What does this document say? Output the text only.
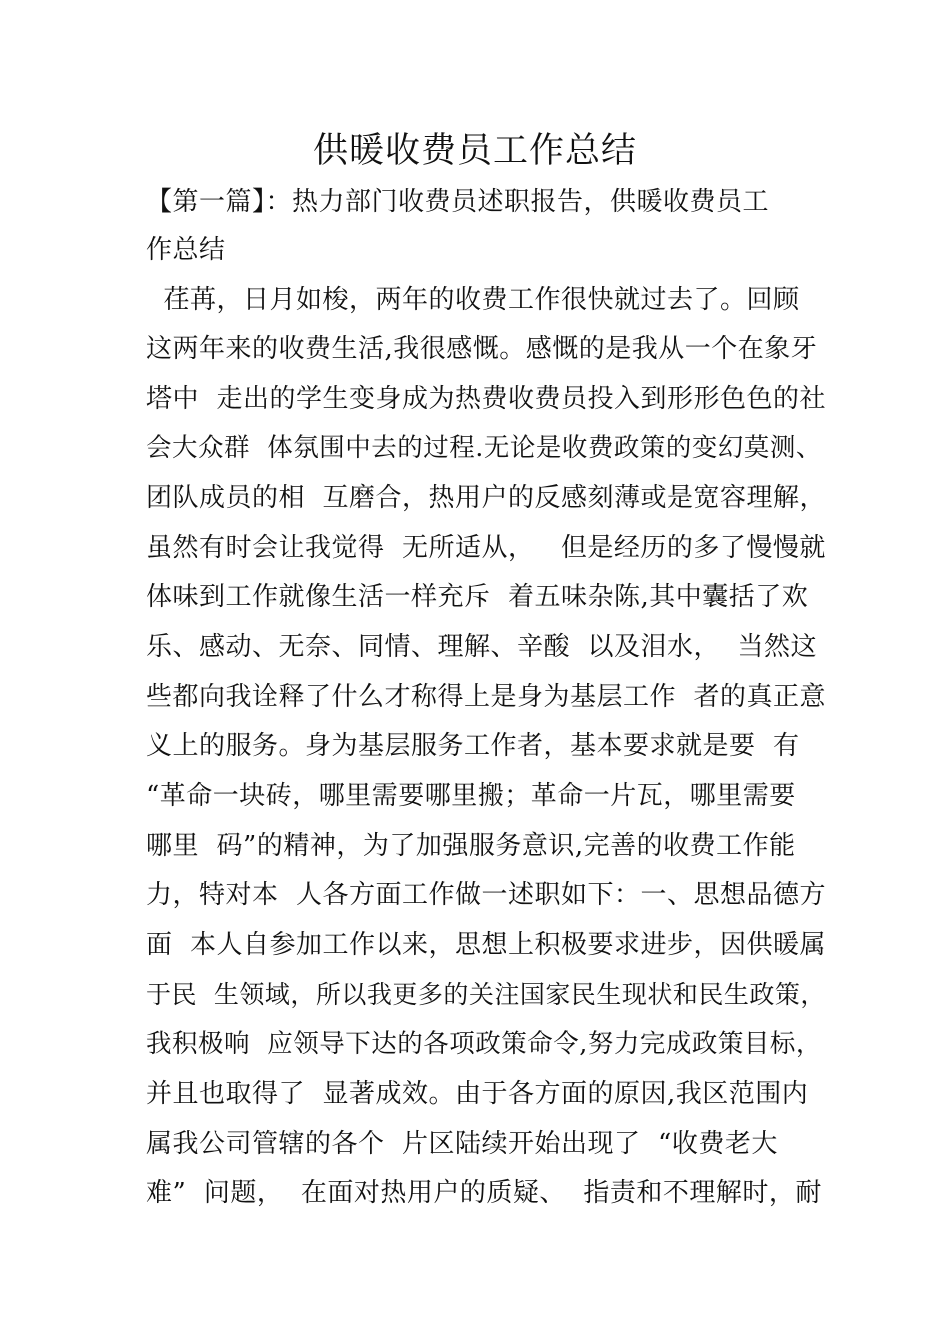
供暖收费员工作总结

【第一篇】：热力部门收费员述职报告，供暖收费员工

作总结

荏苒，日月如梭，两年的收费工作很快就过去了。回顾

这两年来的收费生活,我很感慨。感慨的是我从一个在象牙

塔中  走出的学生变身成为热费收费员投入到形形色色的社

会大众群  体氛围中去的过程.无论是收费政策的变幻莫测、

团队成员的相  互磨合，热用户的反感刻薄或是宽容理解，

虽然有时会让我觉得  无所适从，   但是经历的多了慢慢就

体味到工作就像生活一样充斥  着五味杂陈,其中囊括了欢

乐、感动、无奈、同情、理解、辛酸  以及泪水，  当然这

些都向我诠释了什么才称得上是身为基层工作  者的真正意

义上的服务。身为基层服务工作者，基本要求就是要  有

“革命一块砖，哪里需要哪里搬；革命一片瓦，哪里需要

哪里  码”的精神，为了加强服务意识,完善的收费工作能

力，特对本  人各方面工作做一述职如下：一、思想品德方

面  本人自参加工作以来，思想上积极要求进步，因供暖属

于民  生领域，所以我更多的关注国家民生现状和民生政策，

我积极响  应领导下达的各项政策命令,努力完成政策目标，

并且也取得了  显著成效。由于各方面的原因,我区范围内

属我公司管辖的各个  片区陆续开始出现了  “收费老大

难”  问题，  在面对热用户的质疑、  指责和不理解时，耐
